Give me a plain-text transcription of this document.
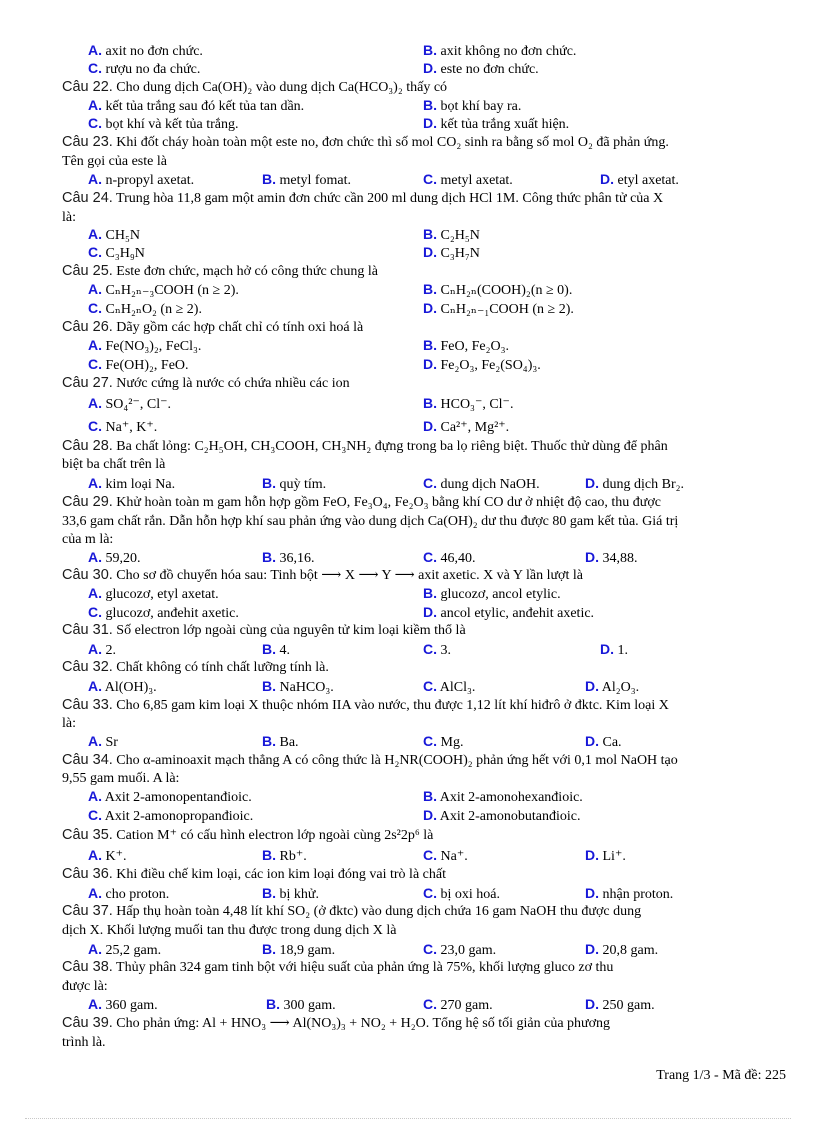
A. axit no đơn chức.	B. axit không no đơn chức.
C. rượu no đa chức.	D. este no đơn chức.
Câu 22. Cho dung dịch Ca(OH)₂ vào dung dịch Ca(HCO₃)₂ thấy có
A. kết tủa trắng sau đó kết tủa tan dần.	B. bọt khí bay ra.
C. bọt khí và kết tủa trắng.	D. kết tủa trắng xuất hiện.
Câu 23. Khi đốt cháy hoàn toàn một este no, đơn chức thì số mol CO₂ sinh ra bằng số mol O₂ đã phản ứng.
Tên gọi của este là
A. n-propyl axetat.	B. metyl fomat.	C. metyl axetat.	D. etyl axetat.
Câu 24. Trung hòa 11,8 gam một amin đơn chức cần 200 ml dung dịch HCl 1M. Công thức phân tử của X
là:
A. CH₅N	B. C₂H₅N
C. C₃H₉N	D. C₃H₇N
Câu 25. Este đơn chức, mạch hở có công thức chung là
A. CₙH₂ₙ₋₃COOH (n ≥ 2).	B. CₙH₂ₙ(COOH)₂(n ≥ 0).
C. CₙH₂ₙO₂ (n ≥ 2).	D. CₙH₂ₙ₋₁COOH (n ≥ 2).
Câu 26. Dãy gồm các hợp chất chỉ có tính oxi hoá là
A. Fe(NO₃)₂, FeCl₃.	B. FeO, Fe₂O₃.
C. Fe(OH)₂, FeO.	D. Fe₂O₃, Fe₂(SO₄)₃.
Câu 27. Nước cứng là nước có chứa nhiều các ion
A. SO₄²⁻, Cl⁻.	B. HCO₃⁻, Cl⁻.
C. Na⁺, K⁺.	D. Ca²⁺, Mg²⁺.
Câu 28. Ba chất lỏng: C₂H₅OH, CH₃COOH, CH₃NH₂ đựng trong ba lọ riêng biệt. Thuốc thử dùng để phân
biệt ba chất trên là
A. kim loại Na.	B. quỳ tím.	C. dung dịch NaOH.	D. dung dịch Br₂.
Câu 29. Khử hoàn toàn m gam hỗn hợp gồm FeO, Fe₃O₄, Fe₂O₃ bằng khí CO dư ở nhiệt độ cao, thu được
33,6 gam chất rắn. Dẫn hỗn hợp khí sau phản ứng vào dung dịch Ca(OH)₂ dư thu được 80 gam kết tủa. Giá trị
của m là:
A. 59,20.	B. 36,16.	C. 46,40.	D. 34,88.
Câu 30. Cho sơ đồ chuyển hóa sau: Tinh bột ⟶ X ⟶ Y ⟶ axit axetic. X và Y lần lượt là
A. glucozơ, etyl axetat.	B. glucozơ, ancol etylic.
C. glucozơ, anđehit axetic.	D. ancol etylic, anđehit axetic.
Câu 31. Số electron lớp ngoài cùng của nguyên tử kim loại kiềm thổ là
A. 2.	B. 4.	C. 3.	D. 1.
Câu 32. Chất không có tính chất lưỡng tính là.
A. Al(OH)₃.	B. NaHCO₃.	C. AlCl₃.	D. Al₂O₃.
Câu 33. Cho 6,85 gam kim loại X thuộc nhóm IIA vào nước, thu được 1,12 lít khí hiđrô ở đktc. Kim loại X
là:
A. Sr	B. Ba.	C. Mg.	D. Ca.
Câu 34. Cho α-aminoaxit mạch thẳng A có công thức là H₂NR(COOH)₂ phản ứng hết với 0,1 mol NaOH tạo
9,55 gam muối. A là:
A. Axit 2-amonopentanđioic.	B. Axit 2-amonohexanđioic.
C. Axit 2-amonopropanđioic.	D. Axit 2-amonobutanđioic.
Câu 35. Cation M⁺ có cấu hình electron lớp ngoài cùng 2s²2p⁶ là
A. K⁺.	B. Rb⁺.	C. Na⁺.	D. Li⁺.
Câu 36. Khi điều chế kim loại, các ion kim loại đóng vai trò là chất
A. cho proton.	B. bị khử.	C. bị oxi hoá.	D. nhận proton.
Câu 37. Hấp thụ hoàn toàn 4,48 lít khí SO₂ (ở đktc) vào dung dịch chứa 16 gam NaOH thu được dung
dịch X. Khối lượng muối tan thu được trong dung dịch X là
A. 25,2 gam.	B. 18,9 gam.	C. 23,0 gam.	D. 20,8 gam.
Câu 38. Thủy phân 324 gam tinh bột với hiệu suất của phản ứng là 75%, khối lượng gluco zơ thu
được là:
A. 360 gam.	B. 300 gam.	C. 270 gam.	D. 250 gam.
Câu 39. Cho phản ứng: Al + HNO₃ ⟶ Al(NO₃)₃ + NO₂ + H₂O. Tổng hệ số tối giản của phương
trình là.
Trang 1/3 - Mã đề: 225
